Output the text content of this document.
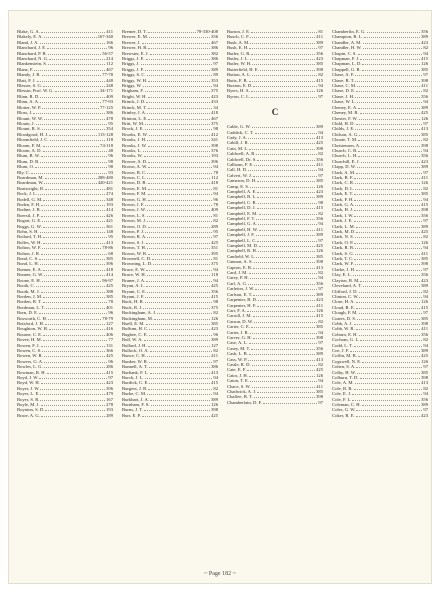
Blake, G. A.	411
Blakely, E. A.	167-340
Bland, J. A.	166
Blanchard, J. E.	96
Blanchard, P. B.	56-57
Blanchard, N. G.	214
Blankenstein, S.	112
Blanz, F.	467
Blandy, J. R.	77-78
Blatt, F. J.	448
Blesser, S. G.	248
Blessin, Prof. W. G.	34-171
Blinn, R. D.	409
Blinn, A. A.	77-93
Blotter, W. P.	77-125
Bloss, J.	386
Blount, W. W.	478
Blouin, J.	95
Blount, R. S.	354
Bloodgood, H. J.	113-128
Bloomfield, J. C.	118
Bloom, F. M.	74-118
Bloom, A. D.	48
Blum, B. W.	96
Blum, D. B.	98
Blum, O.	98
Bly, C.	93
Boardman, M.	288-480
Boardman, W.	420-421
Boatwright, R.	481
Bock, J. L.	274
Bodell, G. M.	348
Boden, F. H.	193
Bodine, J. B.	414
Boerstl, J. P.	426
Bogart, G. E.	421
Boggs, G. W.	361
Bohn, S. H.	148
Boilard, T. H.	95
Bolles, W. H.	413
Bolton, W. F.	78-86
Bolton, J. R.	68
Bond, C. S.	385
Bond, L. H.	396
Bonner, E. A.	418
Bonner, G. W.	414
Boone, E. H.	96-97
Booth, C.	425
Booth, M. J.	388
Borden, J. M.	385
Borden, R. T.	78
Bordman, L. T.	401
Born, D. E.	96
Bosworth, C. H.	78-79
Botsford, J. H.	127
Boughton, W. H.	416
Bourne, C. E.	406
Bovee, H. M.	77
Bowen, F. J.	131
Bowen, C. S.	366
Bowen, W. R.	425
Bowers, G. A.	96
Bowles, L. G.	286
Bowman, R. H.	415
Boyd, J. W.	97
Boyd, W. H.	423
Boyer, J. W.	396
Boyer, L. E.	479
Boyer, S. R.	167
Boyle, M. J.	278
Boynton, S. D.	193
Brace, A. G.	289
Bremer, D. T.	78-330-408
Brewer, E. M.	356
Brewer, J.	467
Brewer, H. B.	386
Brewster, E. J.	382
Briggs, J. E.	386
Briggs, J.	97
Briggs, J. F.	389
Briggs, S. C.	89
Briggs, W. H.	353
Briggs, W.	94
Brigham, F.	375
Bright, W. H.	423
Brinck, J. D.	433
Brinck, M. T.	34
Brinley, J. A.	418
Brinton, L. E.	467
Britt, W. M.	375
Brock, J. E.	98
Brooks, E. W.	412
Brooks, J. H.	341
Brooks, J. W.	398
Brooks, L.	376
Brooks, W.	193
Brower, S. D.	396
Brown, A. W.	94
Brown, B. C.	78
Brown, C. L.	112
Brown, D. B.	418
Brown, E. M.	81
Brown, F. M.	94
Brown, G. H.	96
Brown, J. F.	78
Brown, J. W.	409
Brown, L. S.	81
Brown, M. J.	82
Brown, O. D.	289
Brown, P. J.	95
Brown, R. A.	97
Brown, S. J.	425
Brown, T. H.	351
Brown, W. B.	395
Brownell, C. D.	81
Browning, L. D.	375
Bruce, E. W.	94
Bruce, W. H.	118
Bruner, J. A.	94
Bryan, A. L.	425
Bryant, C. E.	356
Bryant, J. F.	415
Buck, H. R.	98
Buck, R. J.	375
Buckingham, A. J.	82
Buckingham, M.	126
Buell, E. M.	385
Buffum, H. C.	423
Bugbee, C. E.	96
Bull, W. A.	389
Bullard, J. H.	127
Bullock, O. A.	82
Bunce, C. H.	411
Bunker, W. R.	97
Bunnell, A. T.	386
Burbank, F. L.	413
Burch, J. L.	94
Burdick, C. E.	415
Burgess, J. B.	82
Burke, C. M.	94
Burkhart, J. A.	389
Burnham, F. S.	126
Burns, J. T.	398
Burr, E. P.	425
Burton, J. E.	81
Busch, C. F.	411
Bush, A. M.	389
Bush, E. H.	97
Butler, G. R.	356
Butler, J. L.	423
Butler, W. H.	385
Butterfield, H. E.	398
Button, A. L.	82
Butts, F. B.	415
Buxton, E. D.	94
Byers, H. A.	126
Byron, C. L.	97

C

Cable, G. W.	389
Caddick, C. T.	94
Cady, J. A.	413
Cahill, J. R.	425
Cain, M. L.	398
Caldwell, A. R.	82
Caldwell, Dr. S.	356
Calhoun, F. E.	411
Call, H. D.	94
Calvert, W. J.	97
Cameron, D. H.	385
Camp, E. S.	126
Campbell, A. E.	423
Campbell, B. L.	389
Campbell, C. R.	98
Campbell, D. J.	415
Campbell, E. M.	82
Campbell, F. T.	356
Campbell, G. A.	94
Campbell, H. W.	411
Campbell, J. F.	389
Campbell, L. C.	97
Campbell, M. D.	425
Campbell, R. H.	126
Canfield, W. L.	385
Cannon, A. S.	398
Capron, E. B.	413
Card, J. M.	82
Carey, P. H.	94
Carl, A. G.	356
Carleton, J. W.	97
Carlson, E. T.	389
Carpenter, B. D.	423
Carpenter, H. F.	411
Carr, F. A.	126
Carroll, J. M.	415
Carson, D. W.	82
Carter, C. E.	385
Carter, J. R.	94
Carver, G. H.	398
Case, A. L.	97
Casey, M. T.	356
Cash, L. B.	389
Cass, W. P.	413
Castle, R. D.	82
Cate, E. F.	425
Cator, J. H.	126
Caton, T. E.	94
Chace, S. W.	411
Chadwick, A. J.	385
Chaffee, B. T.	398
Chamberlain, D. F.	97
Chamberlin, E. G.	356
Champion, R. L.	389
Chandler, A. M.	423
Chandler, H. W.	82
Chapin, C. S.	94
Chapman, F. J.	415
Chapman, L. D.	126
Chappell, G. R.	385
Chase, A. F.	97
Chase, B. T.	398
Chase, C. M.	411
Chase, D. E.	82
Chase, J. H.	356
Chase, W. L.	94
Cheney, E. A.	389
Cheney, M. R.	425
Chester, F. W.	126
Child, H. D.	97
Childs, J. E.	413
Chilson, A. G.	385
Choate, T. M.	82
Christensen, A.	398
Church, C. B.	94
Church, L. H.	356
Churchill, E. J.	423
Clapp, D. W.	389
Clark, A. M.	97
Clark, B. F.	411
Clark, C. R.	126
Clark, D. L.	82
Clark, E. T.	385
Clark, F. H.	94
Clark, G. A.	415
Clark, H. J.	398
Clark, I. W.	356
Clark, J. E.	97
Clark, L. M.	389
Clark, M. D.	425
Clark, N. S.	82
Clark, O. P.	126
Clark, R. B.	94
Clark, S. G.	411
Clark, T. C.	385
Clark, W. F.	398
Clarke, J. H.	97
Clay, E. L.	356
Clayton, B. M.	423
Cleveland, A. T.	389
Clifford, J. D.	82
Clinton, C. W.	94
Close, H. A.	126
Cloud, R. E.	415
Clough, F. M.	97
Coates, D. S.	385
Cobb, A. J.	398
Cobb, W. R.	411
Coburn, E. H.	356
Cochran, G. L.	82
Codd, L. T.	94
Coe, J. F.	389
Coffin, M. B.	425
Cogswell, N. E.	126
Cohen, S. A.	97
Colby, H. W.	385
Colburn, T. D.	398
Cole, A. M.	413
Cole, B. R.	82
Cole, E. J.	94
Cole, F. L.	356
Coleman, C. H.	389
Coles, G. W.	97
Coker, R. E.	423
~ Page 182 ~
